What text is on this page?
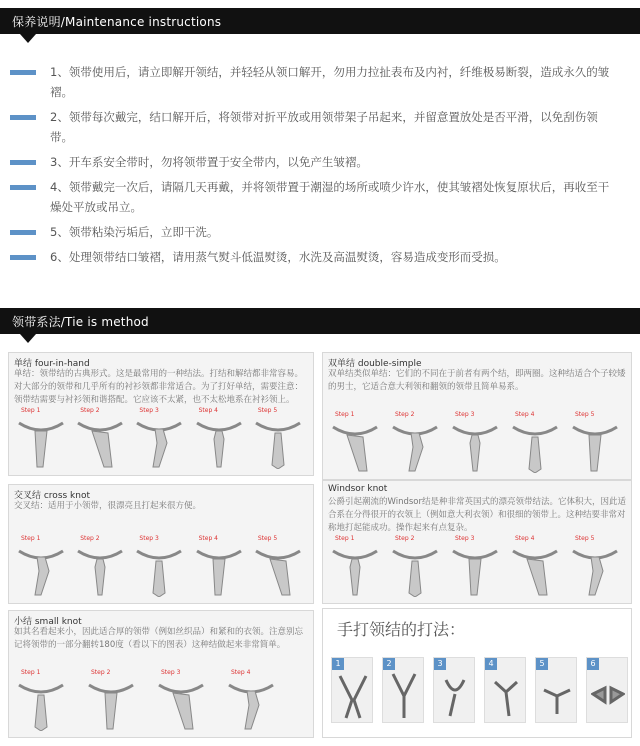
保养说明/Maintenance instructions
1、领带使用后，请立即解开领结，并轻轻从领口解开，勿用力拉扯表布及内衬，纤维极易断裂，造成永久的皱褶。
2、领带每次戴完，结口解开后，将领带对折平放或用领带架子吊起来，并留意置放处是否平滑，以免刮伤领带。
3、开车系安全带时，勿将领带置于安全带内，以免产生皱褶。
4、领带戴完一次后，请隔几天再戴，并将领带置于潮湿的场所或喷少许水，使其皱褶处恢复原状后，再收至干燥处平放或吊立。
5、领带粘染污垢后，立即干洗。
6、处理领带结口皱褶，请用蒸气熨斗低温熨烫，水洗及高温熨烫，容易造成变形而受损。
领带系法/Tie is method
单结 four-in-hand
单结：领带结的古典形式。这是最常用的一种结法。打结和解结都非常容易。对大部分的领带和几乎所有的衬衫领都非常适合。为了打好单结，需要注意：领带结需要与衬衫领和谐搭配。它应该不太紧，也不太松地系在衬衫领上。
Step 1	Step 2	Step 3	Step 4	Step 5
双单结 double-simple
双单结类似单结：它们的不同在于前者有两个结，即两圈。这种结适合个子较矮的男士，它适合意大利领和翻领的领带且简单易系。
Step 1	Step 2	Step 3	Step 4	Step 5
交叉结 cross knot
交叉结：适用于小领带，很漂亮且打起来很方便。
Step 1	Step 2	Step 3	Step 4	Step 5
Windsor knot
公爵引起潮流的Windsor结是种非常英国式的漂亮领带结法。它体积大，因此适合系在分得很开的衣领上（例如意大利衣领）和很细的领带上。这种结要非常对称地打起能成功。操作起来有点复杂。
Step 1	Step 2	Step 3	Step 4	Step 5
小结 small knot
如其名看起来小，因此适合厚的领带（例如丝织品）和紧和的衣领。注意别忘记将领带的一部分翻转180度（看以下的图表）这种结做起来非常简单。
Step 1	Step 2	Step 3	Step 4
手打领结的打法：
1	2	3	4	5	6
